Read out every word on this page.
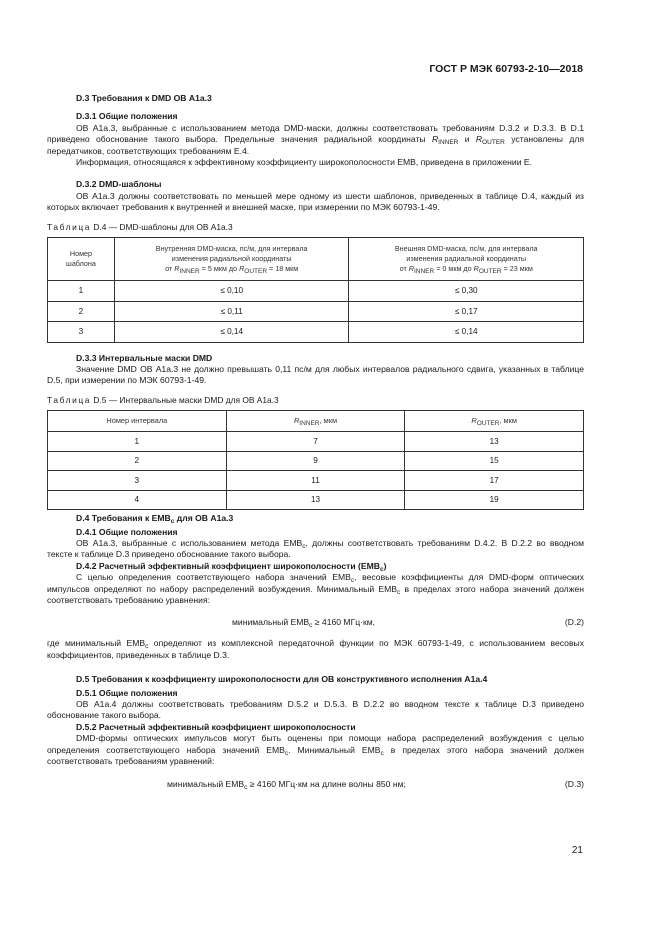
ГОСТ Р МЭК 60793-2-10—2018

D.3 Требования к DMD ОВ А1а.3

D.3.1 Общие положения

ОВ А1а.3, выбранные с использованием метода DMD-маски, должны соответствовать требованиям D.3.2 и D.3.3. В D.1 приведено обоснование такого выбора. Предельные значения радиальной координаты $R_{INNER}$ и $R_{OUTER}$ установлены для передатчиков, соответствующих требованиям E.4.

Информация, относящаяся к эффективному коэффициенту широкополосности EMB, приведена в приложении E.

D.3.2 DMD-шаблоны

ОВ А1а.3 должны соответствовать по меньшей мере одному из шести шаблонов, приведенных в таблице D.4, каждый из которых включает требования к внутренней и внешней маске, при измерении по МЭК 60793-1-49.

Таблица D.4 — DMD-шаблоны для ОВ А1а.3

Номер
шаблона	Внутренняя DMD-маска, пс/м, для интервала
изменения радиальной координаты
от $R_{INNER} = 5$ мкм до $R_{OUTER} = 18$ мкм	Внешняя DMD-маска, пс/м, для интервала
изменения радиальной координаты
от $R_{INNER} = 0$ мкм до $R_{OUTER} = 23$ мкм
1	≤ 0,10	≤ 0,30
2	≤ 0,11	≤ 0,17
3	≤ 0,14	≤ 0,14

D.3.3 Интервальные маски DMD

Значение DMD ОВ А1а.3 не должно превышать 0,11 пс/м для любых интервалов радиального сдвига, указанных в таблице D.5, при измерении по МЭК 60793-1-49.

Таблица D.5 — Интервальные маски DMD для ОВ А1а.3

Номер интервала	$R_{INNER}$, мкм	$R_{OUTER}$, мкм
1	7	13
2	9	15
3	11	17
4	13	19

D.4 Требования к $EMB_c$ для ОВ А1а.3

D.4.1 Общие положения

ОВ А1а.3, выбранные с использованием метода $EMB_c$, должны соответствовать требованиям D.4.2. В D.2.2 во вводном тексте к таблице D.3 приведено обоснование такого выбора.

D.4.2 Расчетный эффективный коэффициент широкополосности $(EMB_c)$

С целью определения соответствующего набора значений $EMB_c$, весовые коэффициенты для DMD-форм оптических импульсов определяют по набору распределений возбуждения. Минимальный $EMB_c$ в пределах этого набора значений должен соответствовать требованию уравнения:

минимальный $EMB_c \ge 4160$ МГц·км,	(D.2)

где минимальный $EMB_c$ определяют из комплексной передаточной функции по МЭК 60793-1-49, с использованием весовых коэффициентов, приведенных в таблице D.3.

D.5 Требования к коэффициенту широкополосности для ОВ конструктивного исполнения А1а.4

D.5.1 Общие положения

ОВ А1а.4 должны соответствовать требованиям D.5.2 и D.5.3. В D.2.2 во вводном тексте к таблице D.3 приведено обоснование такого выбора.

D.5.2 Расчетный эффективный коэффициент широкополосности

DMD-формы оптических импульсов могут быть оценены при помощи набора распределений возбуждения с целью определения соответствующего набора значений $EMB_c$. Минимальный $EMB_c$ в пределах этого набора значений должен соответствовать требованиям уравнений:

минимальный $EMB_c \ge 4160$ МГц·км на длине волны 850 нм;	(D.3)
21
